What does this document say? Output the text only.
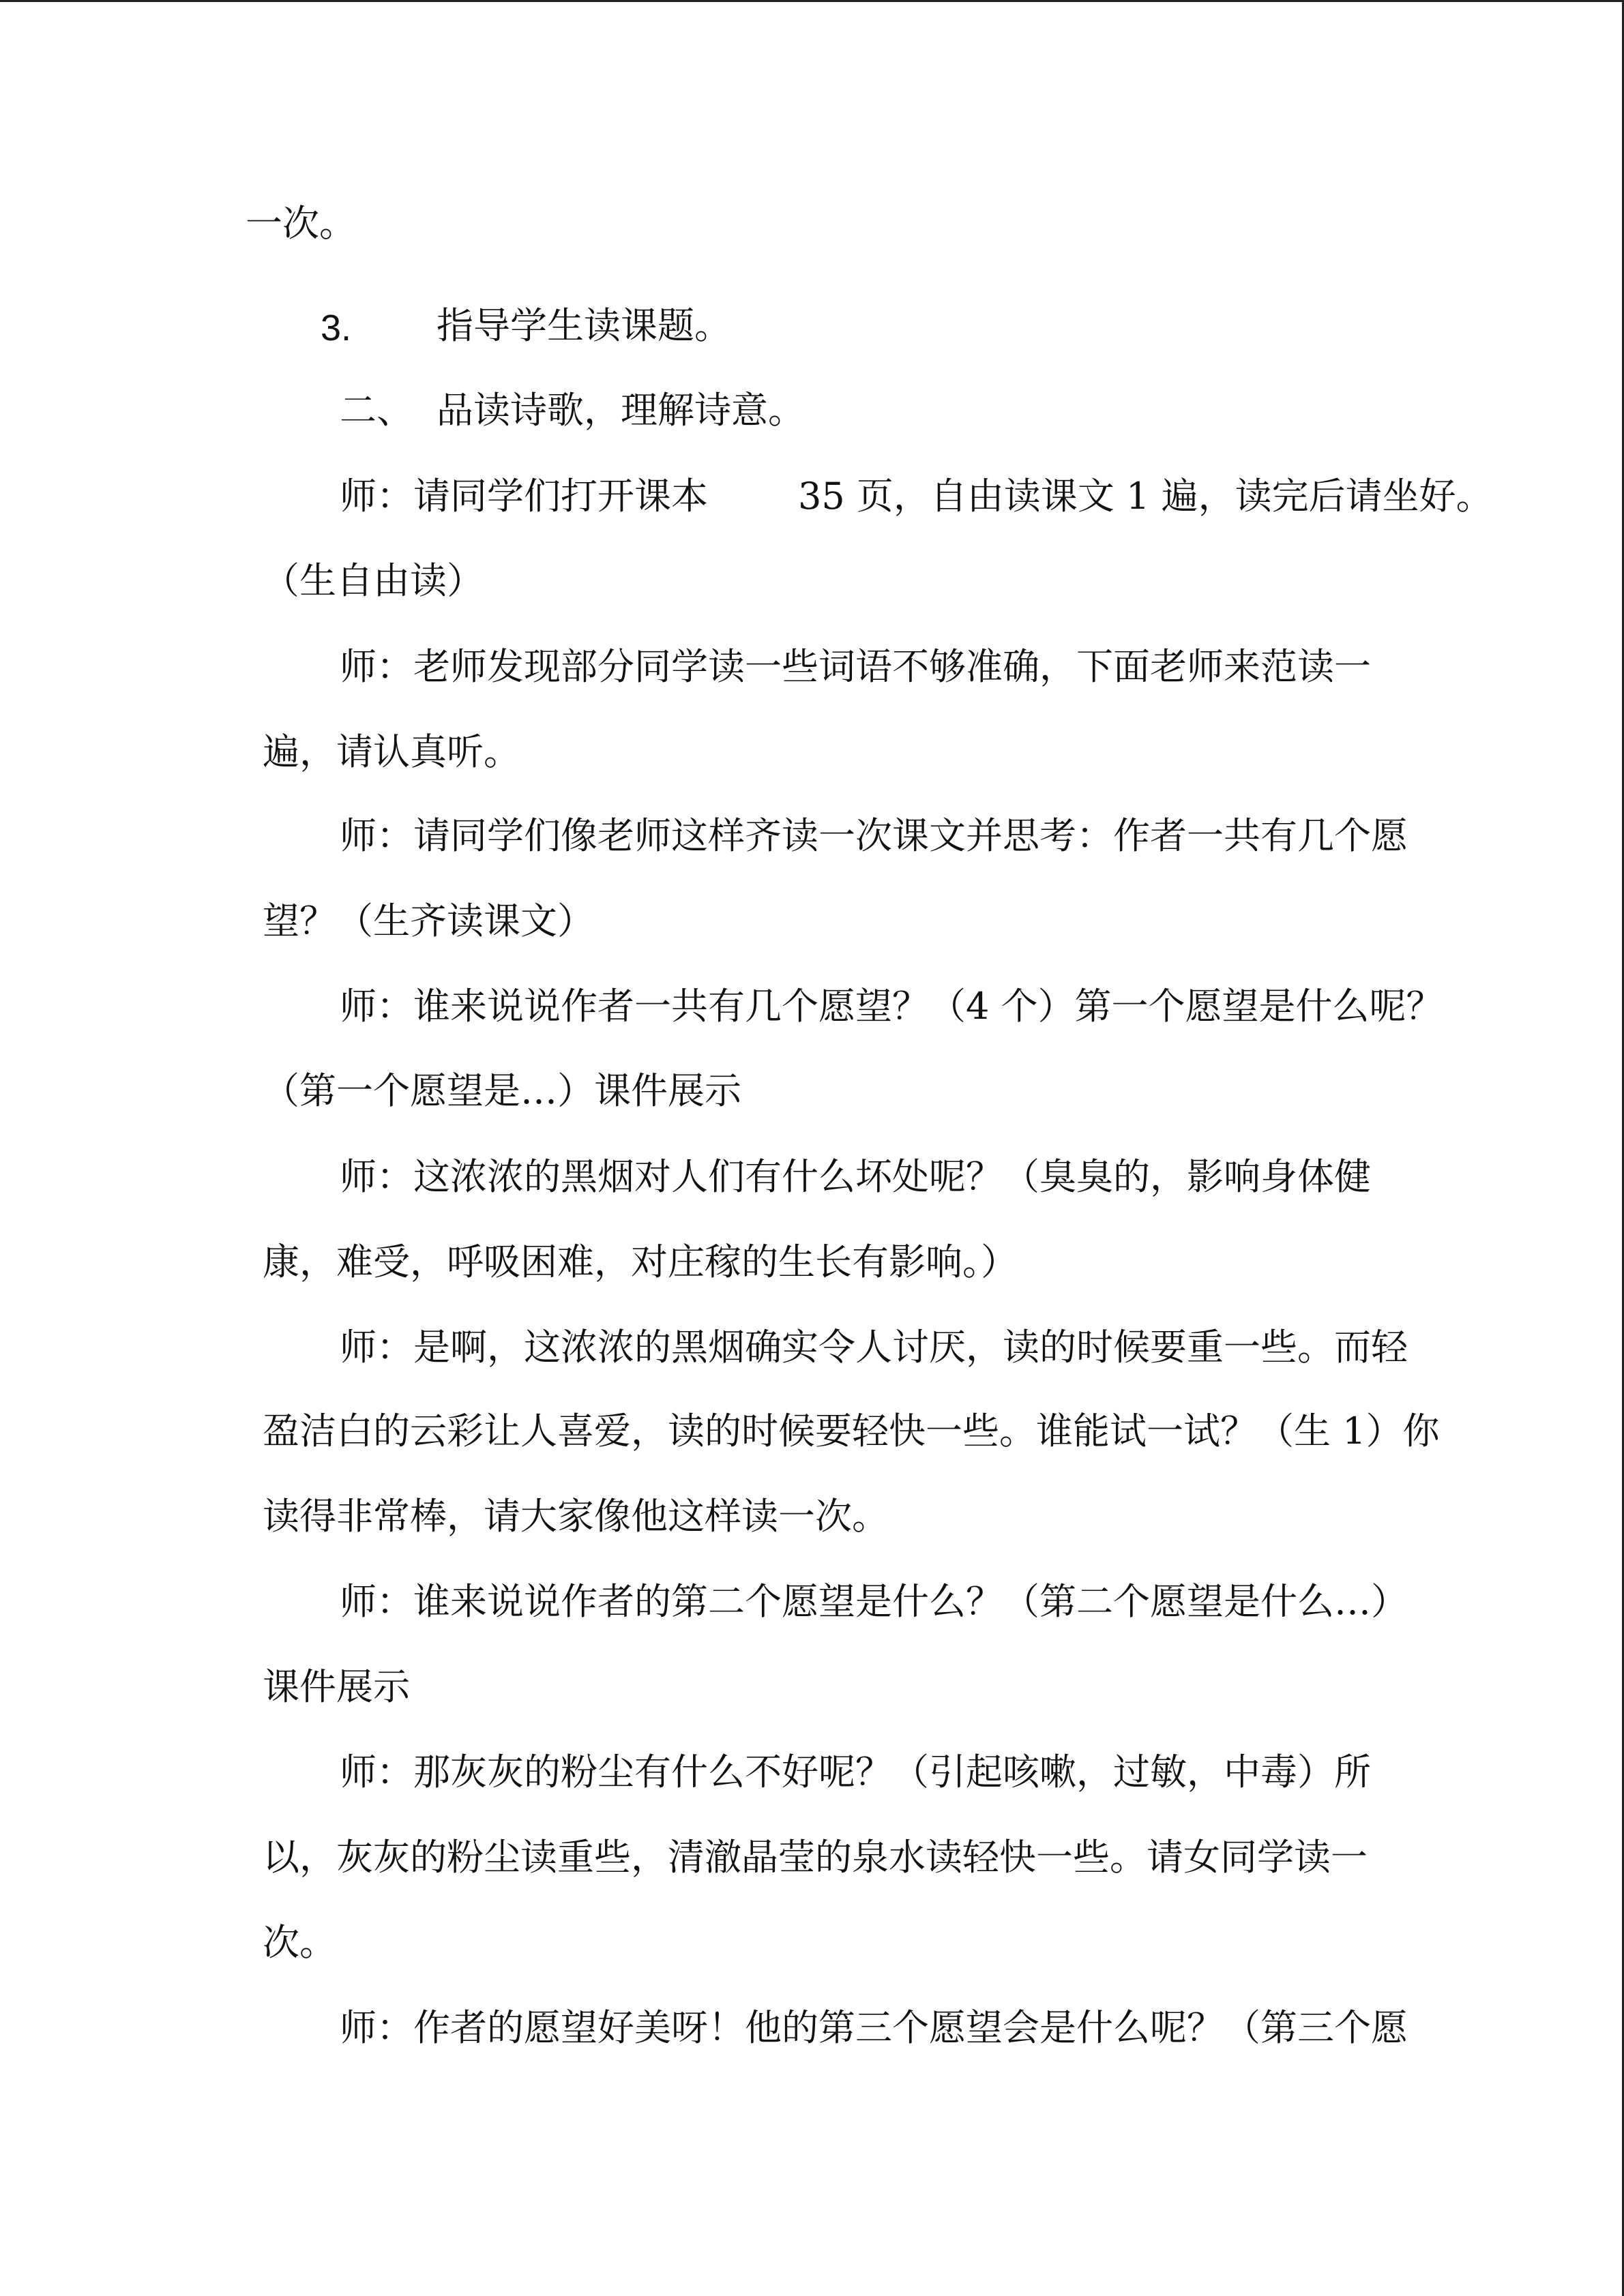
一次。
3. 指导学生读课题。
二、 品读诗歌，理解诗意。
师：请同学们打开课本 35 页，自由读课文 1 遍，读完后请坐好。
（生自由读）
师：老师发现部分同学读一些词语不够准确，下面老师来范读一
遍，请认真听。
师：请同学们像老师这样齐读一次课文并思考：作者一共有几个愿
望？（生齐读课文）
师：谁来说说作者一共有几个愿望？（4 个）第一个愿望是什么呢？
（第一个愿望是…）课件展示
师：这浓浓的黑烟对人们有什么坏处呢？（臭臭的，影响身体健
康，难受，呼吸困难，对庄稼的生长有影响。）
师：是啊，这浓浓的黑烟确实令人讨厌，读的时候要重一些。而轻
盈洁白的云彩让人喜爱，读的时候要轻快一些。谁能试一试？（生 1）你
读得非常棒，请大家像他这样读一次。
师：谁来说说作者的第二个愿望是什么？（第二个愿望是什么…）
课件展示
师：那灰灰的粉尘有什么不好呢？（引起咳嗽，过敏，中毒）所
以，灰灰的粉尘读重些，清澈晶莹的泉水读轻快一些。请女同学读一
次。
师：作者的愿望好美呀！他的第三个愿望会是什么呢？（第三个愿
